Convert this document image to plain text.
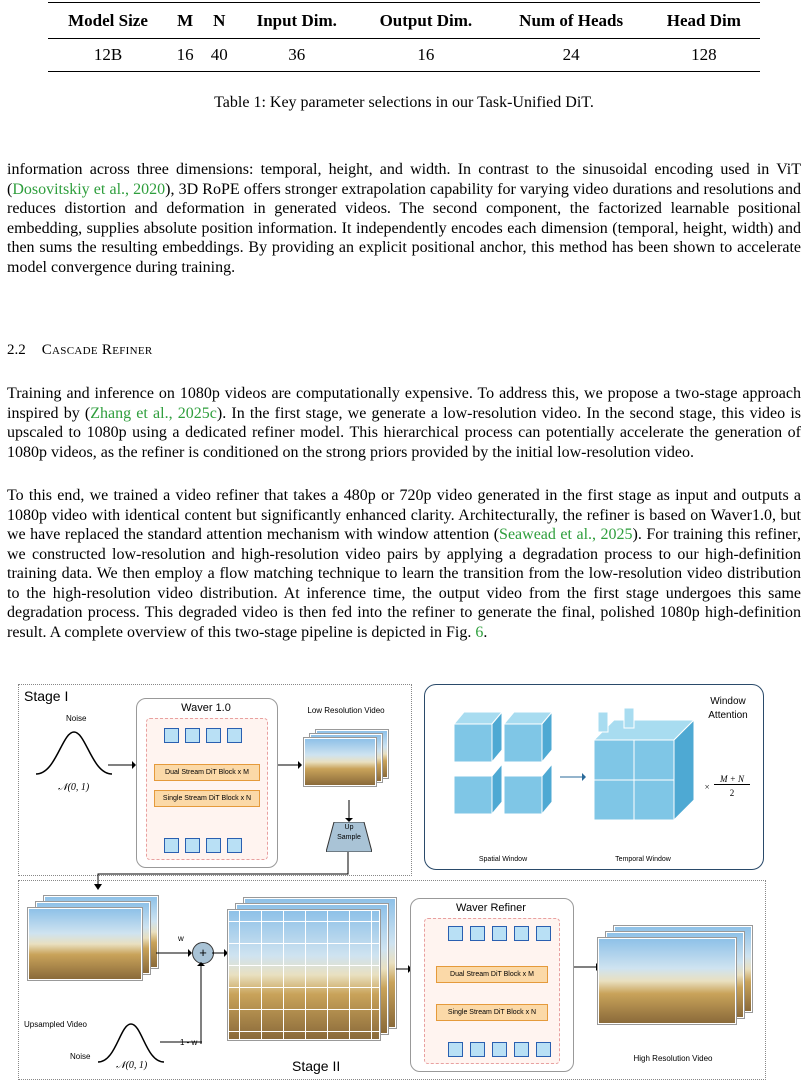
Model Size	M	N	Input Dim.	Output Dim.	Num of Heads	Head Dim
12B	16	40	36	16	24	128
Table 1: Key parameter selections in our Task-Unified DiT.

information across three dimensions: temporal, height, and width. In contrast to the sinusoidal encoding used in ViT (Dosovitskiy et al., 2020), 3D RoPE offers stronger extrapolation capability for varying video durations and resolutions and reduces distortion and deformation in generated videos. The second component, the factorized learnable positional embedding, supplies absolute position information. It independently encodes each dimension (temporal, height, width) and then sums the resulting embeddings. By providing an explicit positional anchor, this method has been shown to accelerate model convergence during training.

2.2 Cascade Refiner

Training and inference on 1080p videos are computationally expensive. To address this, we propose a two-stage approach inspired by (Zhang et al., 2025c). In the first stage, we generate a low-resolution video. In the second stage, this video is upscaled to 1080p using a dedicated refiner model. This hierarchical process can potentially accelerate the generation of 1080p videos, as the refiner is conditioned on the strong priors provided by the initial low-resolution video.

To this end, we trained a video refiner that takes a 480p or 720p video generated in the first stage as input and outputs a 1080p video with identical content but significantly enhanced clarity. Architecturally, the refiner is based on Waver1.0, but we have replaced the standard attention mechanism with window attention (Seawead et al., 2025). For training this refiner, we constructed low-resolution and high-resolution video pairs by applying a degradation process to our high-definition training data. We then employ a flow matching technique to learn the transition from the low-resolution video distribution to the high-resolution video distribution. At inference time, the output video from the first stage undergoes this same degradation process. This degraded video is then fed into the refiner to generate the final, polished 1080p high-definition result. A complete overview of this two-stage pipeline is depicted in Fig. 6.

Stage I
Noise
𝒩(0, 1)
Waver 1.0
Dual Stream DiT Block x M
Single Stream DiT Block x N
Low Resolution Video
Up
Sample
Window
Attention
Spatial Window	Temporal Window
×
M + N
2
Upsampled Video
Noise
𝒩(0, 1)
w
+
1 - w
Stage II
Waver Refiner
Dual Stream DiT Block x M
Single Stream DiT Block x N
High Resolution Video
